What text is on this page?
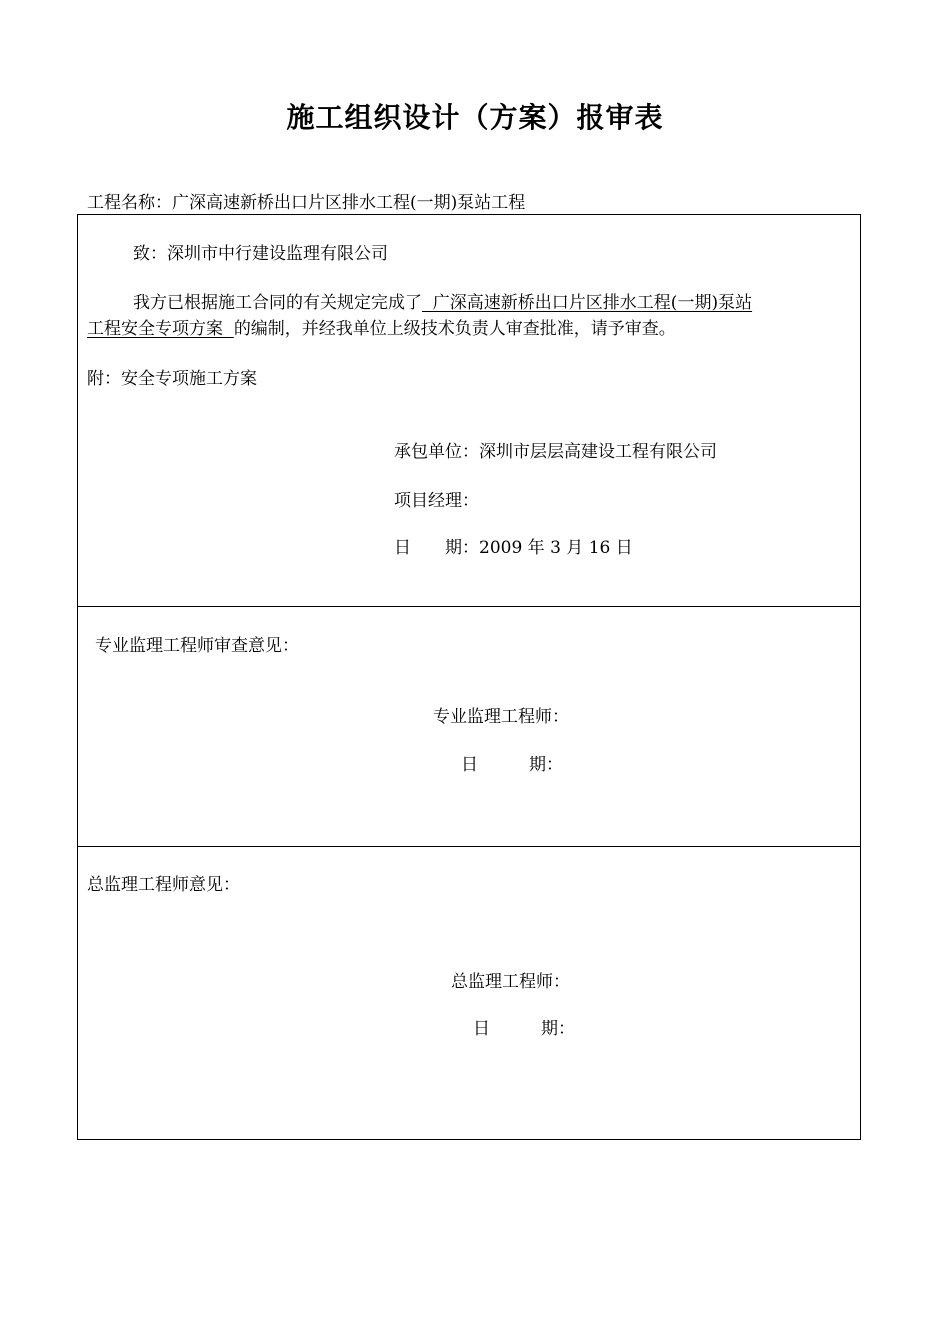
施工组织设计（方案）报审表
工程名称：广深高速新桥出口片区排水工程(一期)泵站工程
致：深圳市中行建设监理有限公司
我方已根据施工合同的有关规定完成了  广深高速新桥出口片区排水工程(一期)泵站
工程安全专项方案  的编制，并经我单位上级技术负责人审查批准，请予审查。
附：安全专项施工方案
承包单位：深圳市层层高建设工程有限公司
项目经理：
日　　期：2009 年 3 月 16 日
专业监理工程师审查意见：
专业监理工程师：
日　　　期：
总监理工程师意见：
总监理工程师：
日　　　期：
